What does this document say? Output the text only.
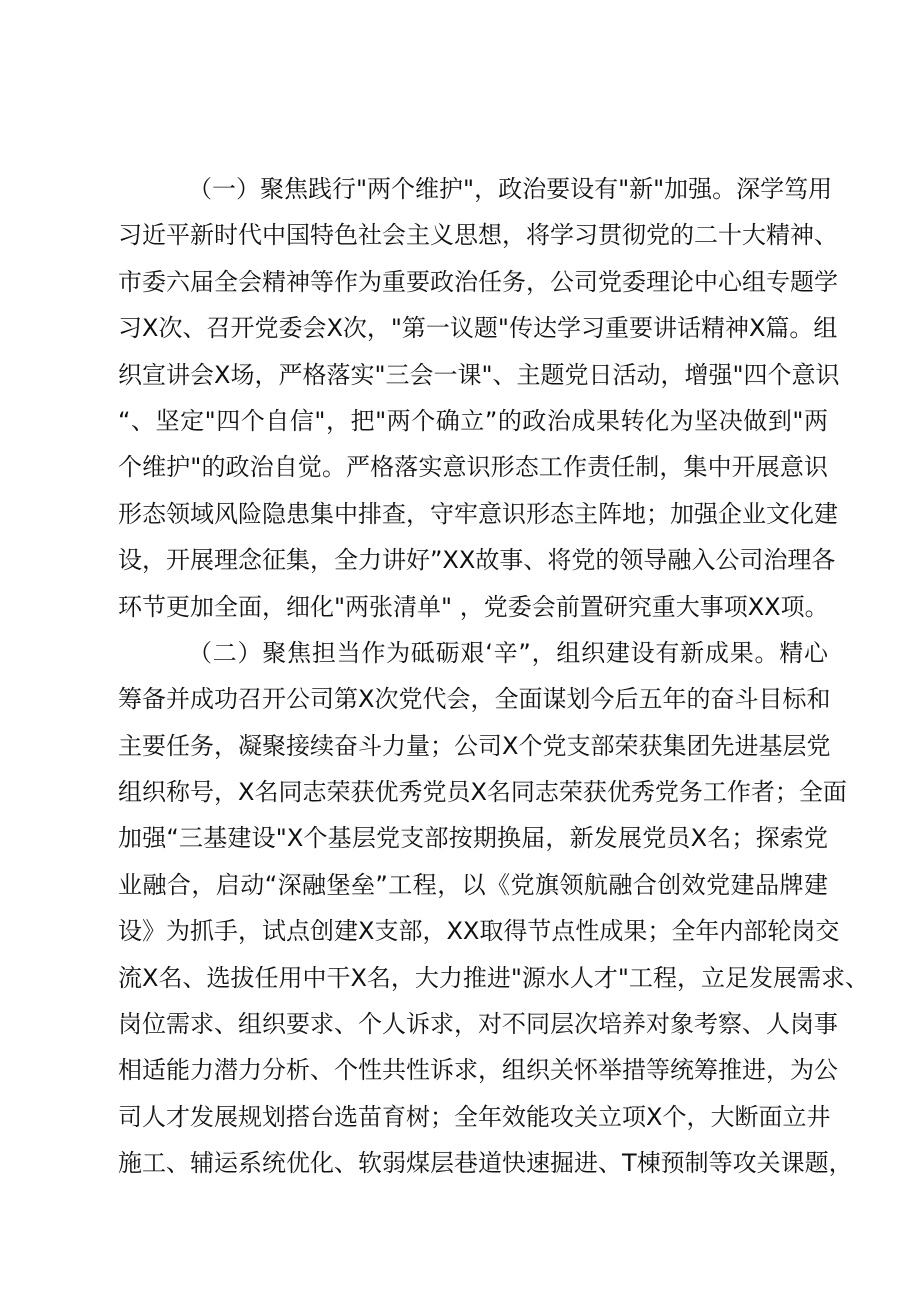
（一）聚焦践行"两个维护"，政治要设有"新"加强。深学笃用
习近平新时代中国特色社会主义思想，将学习贯彻党的二十大精神、
市委六届全会精神等作为重要政治任务，公司党委理论中心组专题学
习X次、召开党委会X次，"第一议题"传达学习重要讲话精神X篇。组
织宣讲会X场，严格落实"三会一课"、主题党日活动，增强"四个意识
“、坚定"四个自信"，把"两个确立”的政治成果转化为坚决做到"两
个维护"的政治自觉。严格落实意识形态工作责任制，集中开展意识
形态领域风险隐患集中排查，守牢意识形态主阵地；加强企业文化建
设，开展理念征集，全力讲好”XX故事、将党的领导融入公司治理各
环节更加全面，细化"两张清单" ，党委会前置研究重大事项XX项。
（二）聚焦担当作为砥砺艰‘辛”，组织建设有新成果。精心
筹备并成功召开公司第X次党代会，全面谋划今后五年的奋斗目标和
主要任务，凝聚接续奋斗力量；公司X个党支部荣获集团先进基层党
组织称号，X名同志荣获优秀党员X名同志荣获优秀党务工作者；全面
加强“三基建设"X个基层党支部按期换届，新发展党员X名；探索党
业融合，启动“深融堡垒”工程，以《党旗领航融合创效党建品牌建
设》为抓手，试点创建X支部，XX取得节点性成果；全年内部轮岗交
流X名、选拔任用中干X名，大力推进"源水人才"工程，立足发展需求、
岗位需求、组织要求、个人诉求，对不同层次培养对象考察、人岗事
相适能力潜力分析、个性共性诉求，组织关怀举措等统筹推进，为公
司人才发展规划搭台选苗育树；全年效能攻关立项X个，大断面立井
施工、辅运系统优化、软弱煤层巷道快速掘进、T棟预制等攻关课题，
